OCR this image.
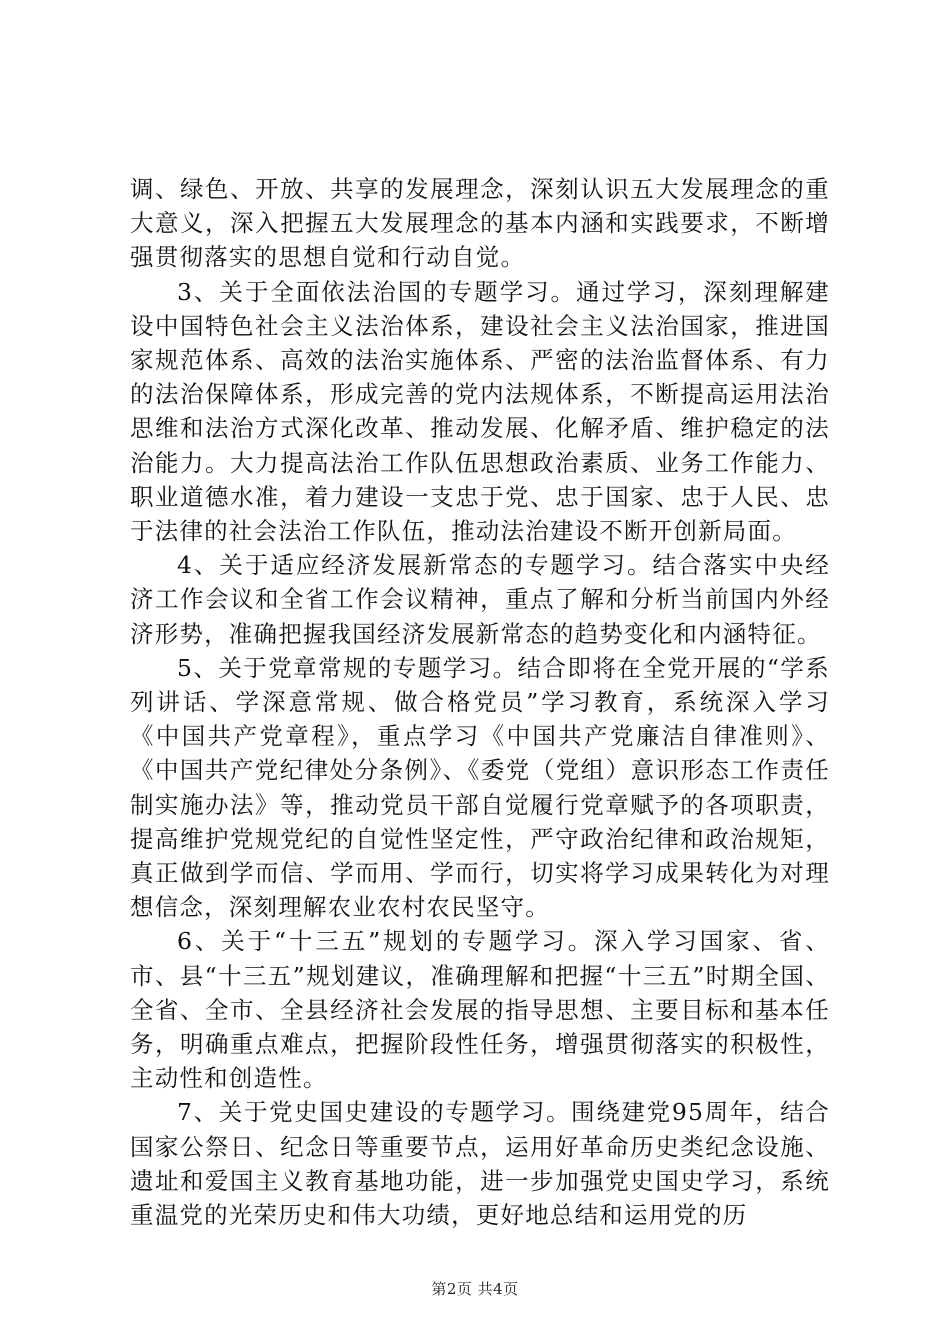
调、绿色、开放、共享的发展理念，深刻认识五大发展理念的重大意义，深入把握五大发展理念的基本内涵和实践要求，不断增强贯彻落实的思想自觉和行动自觉。

3、关于全面依法治国的专题学习。通过学习，深刻理解建设中国特色社会主义法治体系，建设社会主义法治国家，推进国家规范体系、高效的法治实施体系、严密的法治监督体系、有力的法治保障体系，形成完善的党内法规体系，不断提高运用法治思维和法治方式深化改革、推动发展、化解矛盾、维护稳定的法治能力。大力提高法治工作队伍思想政治素质、业务工作能力、职业道德水准，着力建设一支忠于党、忠于国家、忠于人民、忠于法律的社会法治工作队伍，推动法治建设不断开创新局面。

4、关于适应经济发展新常态的专题学习。结合落实中央经济工作会议和全省工作会议精神，重点了解和分析当前国内外经济形势，准确把握我国经济发展新常态的趋势变化和内涵特征。

5、关于党章常规的专题学习。结合即将在全党开展的“学系列讲话、学深意常规、做合格党员”学习教育，系统深入学习《中国共产党章程》，重点学习《中国共产党廉洁自律准则》、《中国共产党纪律处分条例》、《委党（党组）意识形态工作责任制实施办法》等，推动党员干部自觉履行党章赋予的各项职责，提高维护党规党纪的自觉性坚定性，严守政治纪律和政治规矩，真正做到学而信、学而用、学而行，切实将学习成果转化为对理想信念，深刻理解农业农村农民坚守。

6、关于“十三五”规划的专题学习。深入学习国家、省、市、县“十三五”规划建议，准确理解和把握“十三五”时期全国、全省、全市、全县经济社会发展的指导思想、主要目标和基本任务，明确重点难点，把握阶段性任务，增强贯彻落实的积极性，主动性和创造性。

7、关于党史国史建设的专题学习。围绕建党95周年，结合国家公祭日、纪念日等重要节点，运用好革命历史类纪念设施、遗址和爱国主义教育基地功能，进一步加强党史国史学习，系统重温党的光荣历史和伟大功绩，更好地总结和运用党的历

第2页 共4页
